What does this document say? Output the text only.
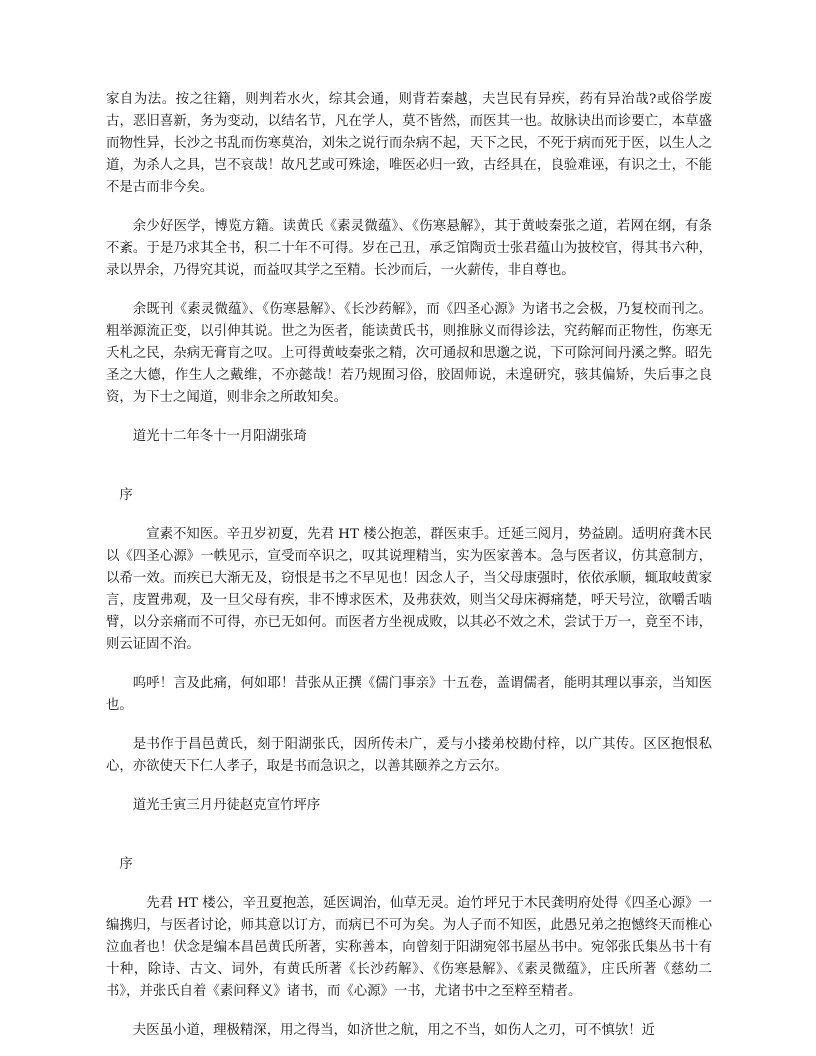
家自为法。按之往籍，则判若水火，综其会通，则背若秦越，夫岂民有异疾，药有异治哉?或俗学废古，恶旧喜新，务为变动，以结名节，凡在学人，莫不皆然，而医其一也。故脉诀出而诊要亡，本草盛而物性异，长沙之书乱而伤寒莫治，刘朱之说行而杂病不起，天下之民，不死于病而死于医，以生人之道，为杀人之具，岂不哀哉！故凡艺或可殊途，唯医必归一致，古经具在，良验难诬，有识之士，不能不是古而非今矣。

余少好医学，博览方籍。读黄氏《素灵微蕴》、《伤寒悬解》，其于黄岐秦张之道，若网在纲，有条不紊。于是乃求其全书，积二十年不可得。岁在己丑，承乏馆陶贡士张君蕴山为披校官，得其书六种，录以畀余，乃得究其说，而益叹其学之至精。长沙而后，一火薪传，非自尊也。

余既刊《素灵微蕴》、《伤寒悬解》、《长沙药解》，而《四圣心源》为诸书之会极，乃复校而刊之。粗举源流正变，以引伸其说。世之为医者，能读黄氏书，则推脉义而得诊法，究药解而正物性，伤寒无夭札之民，杂病无膏肓之叹。上可得黄岐秦张之精，次可通叔和思邈之说，下可除河间丹溪之弊。昭先圣之大德，作生人之戴维，不亦懿哉！若乃规囿习俗，胶固师说，未遑研究，骇其偏矫，失后事之良资，为下士之闻道，则非余之所敢知矣。

道光十二年冬十一月阳湖张琦

序

宣素不知医。辛丑岁初夏，先君 HT 楼公抱恙，群医束手。迁延三阅月，势益剧。适明府龚木民以《四圣心源》一帙见示，宣受而卒识之，叹其说理精当，实为医家善本。急与医者议，仿其意制方，以希一效。而疾已大渐无及，窃恨是书之不早见也！因念人子，当父母康强时，依依承顺，辄取岐黄家言，庋置弗观，及一旦父母有疾，非不博求医术，及弗获效，则当父母床褥痛楚，呼天号泣，欲嚼舌啮臂，以分亲痛而不可得，亦已无如何。而医者方坐视成败，以其必不效之术，尝试于万一，竟至不讳，则云证固不治。

呜呼！言及此痛，何如耶！昔张从正撰《儒门事亲》十五卷，盖谓儒者，能明其理以事亲，当知医也。

是书作于昌邑黄氏，刻于阳湖张氏，因所传未广，爰与小搂弟校勘付梓，以广其传。区区抱恨私心，亦欲使天下仁人孝子，取是书而急识之，以善其颐养之方云尔。

道光壬寅三月丹徒赵克宣竹坪序

序

先君 HT 楼公，辛丑夏抱恙，延医调治，仙草无灵。迨竹坪兄于木民龚明府处得《四圣心源》一编携归，与医者讨论，师其意以订方，而病已不可为矣。为人子而不知医，此愚兄弟之抱憾终天而椎心泣血者也！伏念是编本昌邑黄氏所著，实称善本，向曾刻于阳湖宛邻书屋丛书中。宛邻张氏集丛书十有十种，除诗、古文、词外，有黄氏所著《长沙药解》、《伤寒悬解》、《素灵微蕴》，庄氏所著《慈幼二书》，并张氏自着《素问释义》诸书，而《心源》一书，尤诸书中之至粹至精者。

夫医虽小道，理极精深，用之得当，如济世之航，用之不当，如伤人之刃，可不慎欤！近
